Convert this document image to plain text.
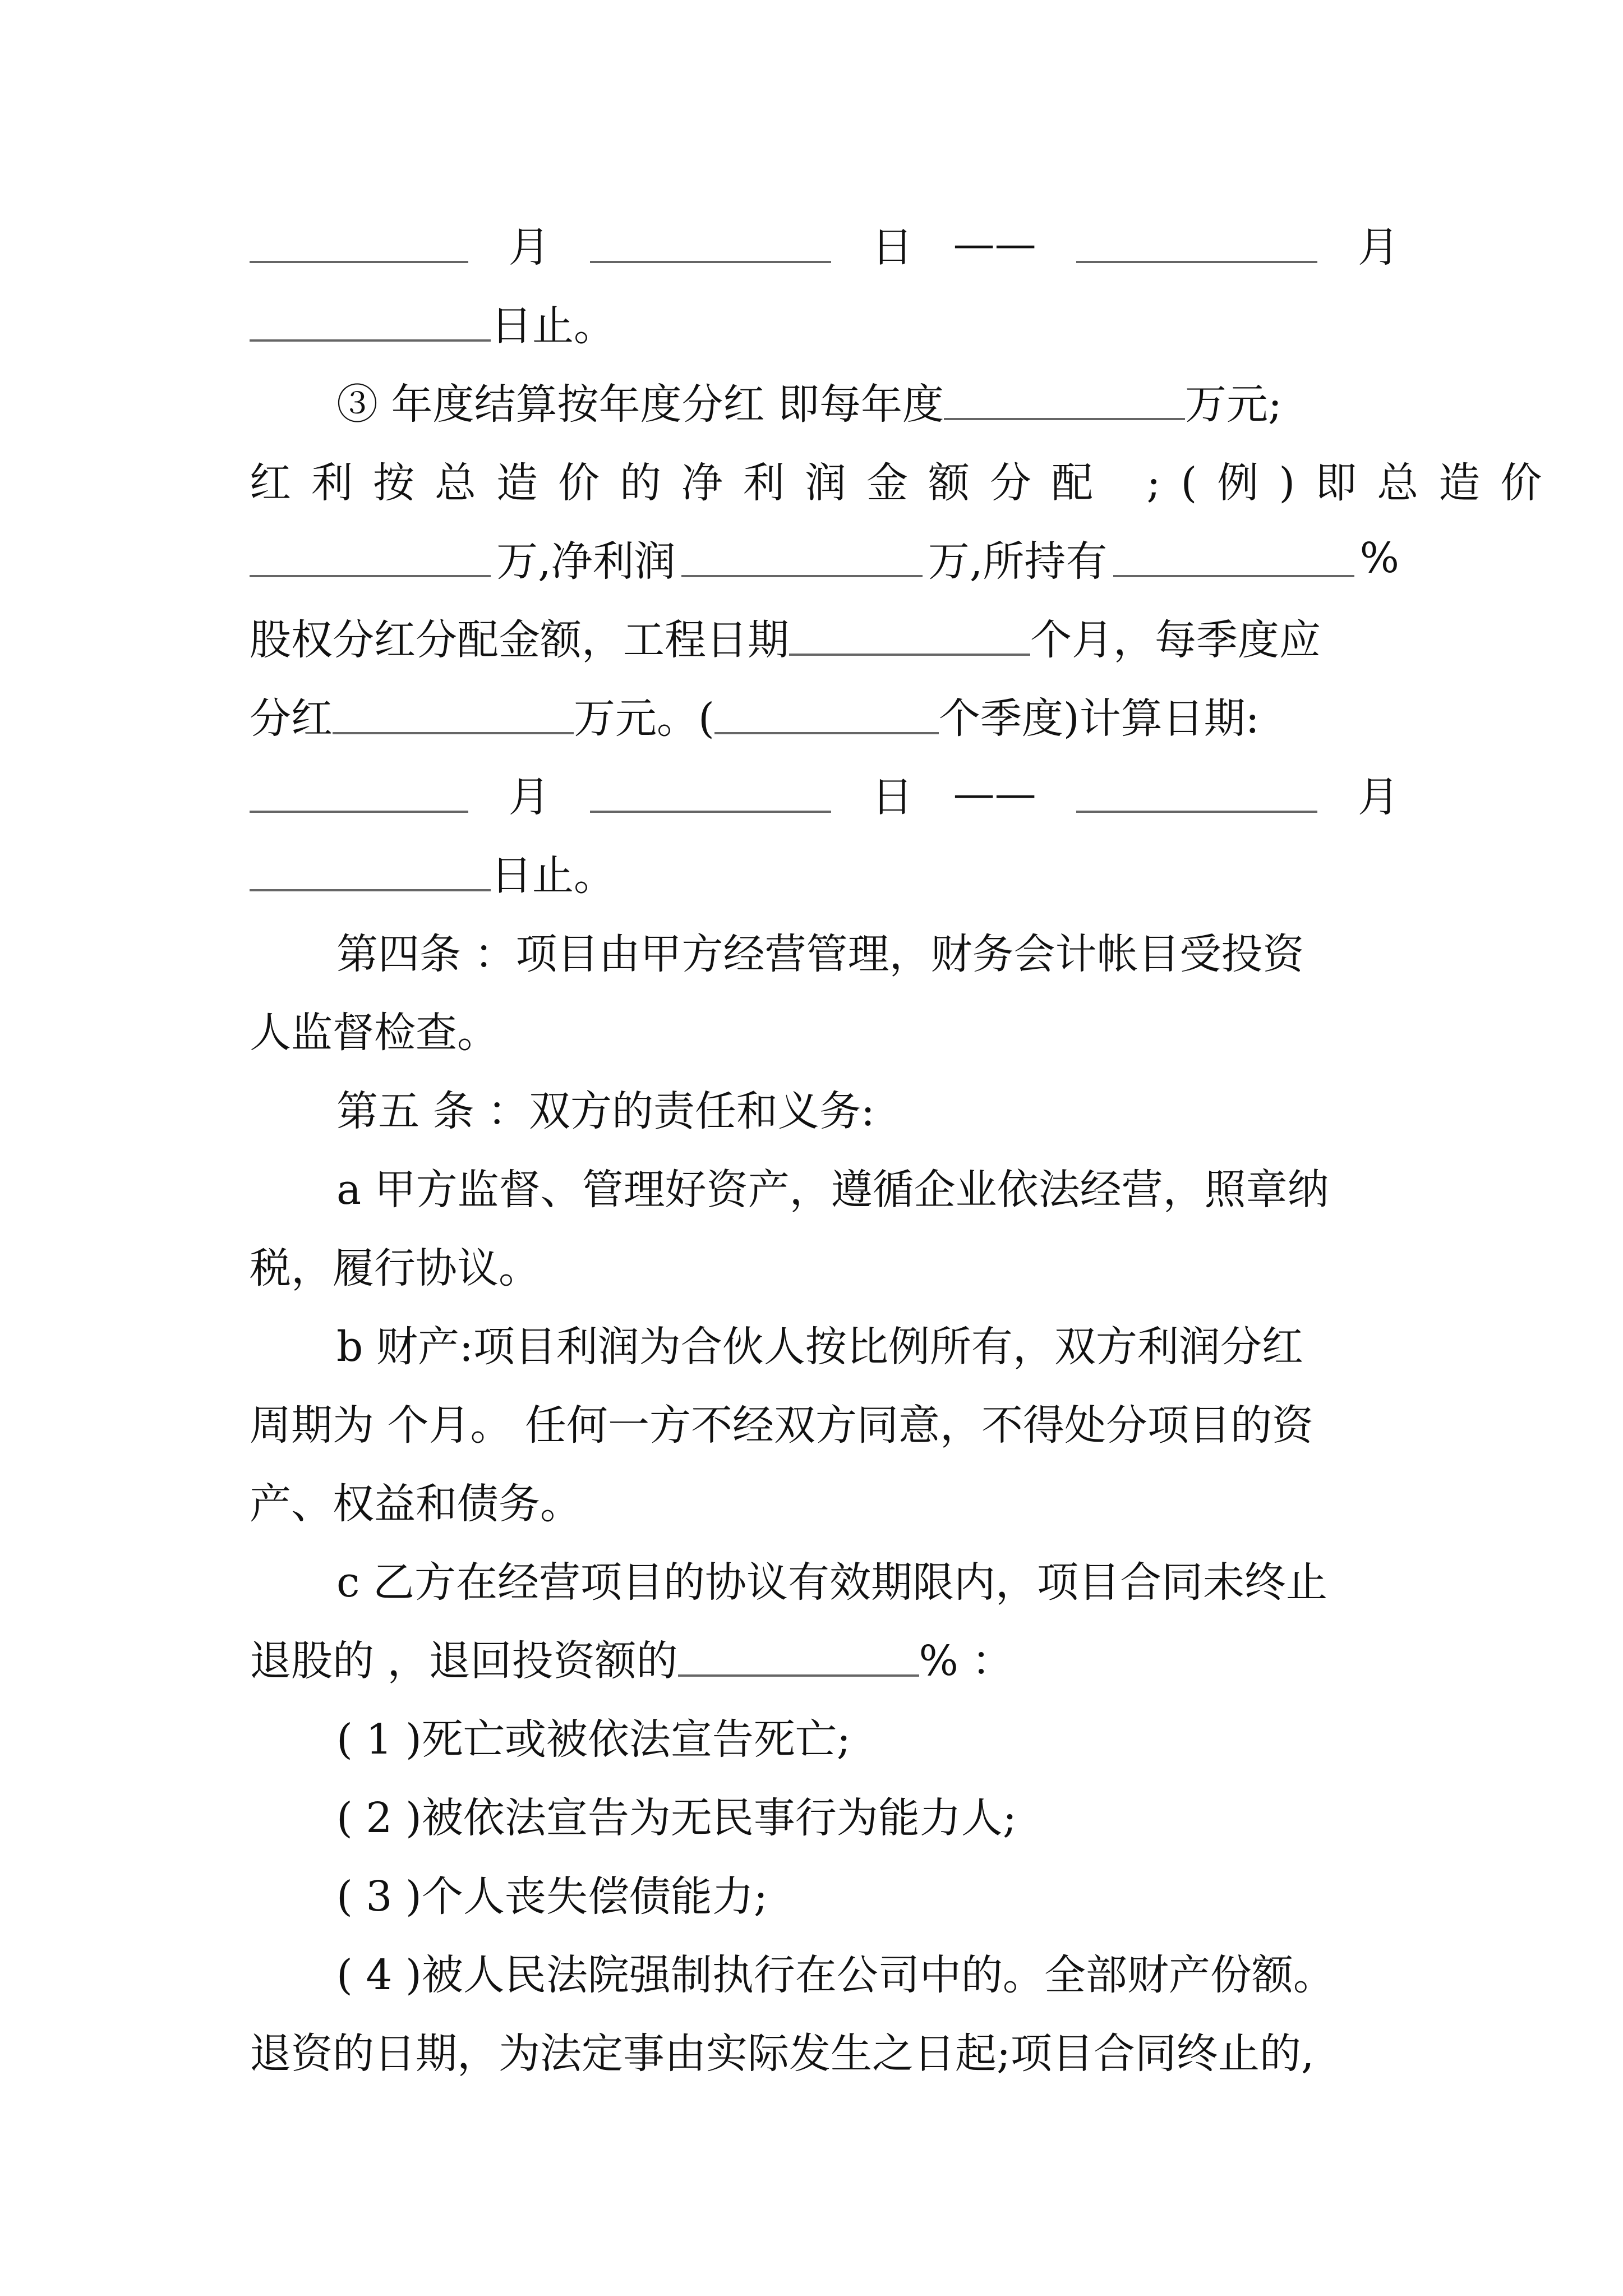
月	日 ——	月
日止。
③ 年度结算按年度分红 即每年度	万元;
红利按总造价的净利润金额分配 ;(例)即总造价
万,净利润	万,所持有	%
股权分红分配金额，工程日期	个月，每季度应
分红	万元。(	个季度)计算日期:
月	日 ——	月
日止。
第四条 ：项目由甲方经营管理，财务会计帐目受投资
人监督检查。
第五 条 ：双方的责任和义务:
a 甲方监督、管理好资产，遵循企业依法经营，照章纳
税，履行协议。
b 财产:项目利润为合伙人按比例所有，双方利润分红
周期为 个月。 任何一方不经双方同意，不得处分项目的资
产、权益和债务。
c 乙方在经营项目的协议有效期限内，项目合同未终止
退股的 ，退回投资额的	% ：
( 1 )死亡或被依法宣告死亡;
( 2 )被依法宣告为无民事行为能力人;
( 3 )个人丧失偿债能力;
( 4 )被人民法院强制执行在公司中的。全部财产份额。
退资的日期，为法定事由实际发生之日起;项目合同终止的,
